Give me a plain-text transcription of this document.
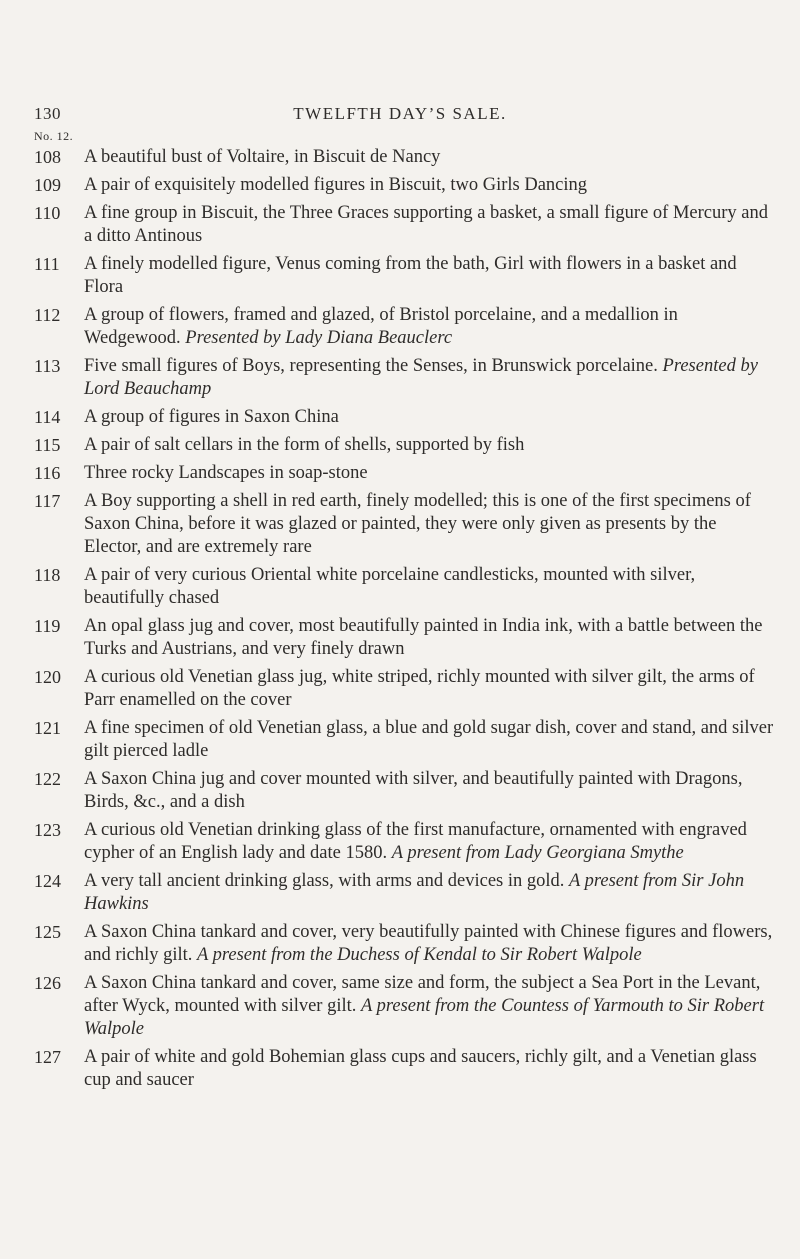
130	TWELFTH DAY’S SALE.
No. 12.
108	A beautiful bust of Voltaire, in Biscuit de Nancy
109	A pair of exquisitely modelled figures in Biscuit, two Girls Dancing
110	A fine group in Biscuit, the Three Graces supporting a basket, a small figure of Mercury and a ditto Antinous
111	A finely modelled figure, Venus coming from the bath, Girl with flowers in a basket and Flora
112	A group of flowers, framed and glazed, of Bristol porcelaine, and a medallion in Wedgewood. Presented by Lady Diana Beauclerc
113	Five small figures of Boys, representing the Senses, in Brunswick porcelaine. Presented by Lord Beauchamp
114	A group of figures in Saxon China
115	A pair of salt cellars in the form of shells, supported by fish
116	Three rocky Landscapes in soap-stone
117	A Boy supporting a shell in red earth, finely modelled; this is one of the first specimens of Saxon China, before it was glazed or painted, they were only given as presents by the Elector, and are extremely rare
118	A pair of very curious Oriental white porcelaine candlesticks, mounted with silver, beautifully chased
119	An opal glass jug and cover, most beautifully painted in India ink, with a battle between the Turks and Austrians, and very finely drawn
120	A curious old Venetian glass jug, white striped, richly mounted with silver gilt, the arms of Parr enamelled on the cover
121	A fine specimen of old Venetian glass, a blue and gold sugar dish, cover and stand, and silver gilt pierced ladle
122	A Saxon China jug and cover mounted with silver, and beautifully painted with Dragons, Birds, &c., and a dish
123	A curious old Venetian drinking glass of the first manufacture, ornamented with engraved cypher of an English lady and date 1580. A present from Lady Georgiana Smythe
124	A very tall ancient drinking glass, with arms and devices in gold. A present from Sir John Hawkins
125	A Saxon China tankard and cover, very beautifully painted with Chinese figures and flowers, and richly gilt. A present from the Duchess of Kendal to Sir Robert Walpole
126	A Saxon China tankard and cover, same size and form, the subject a Sea Port in the Levant, after Wyck, mounted with silver gilt. A present from the Countess of Yarmouth to Sir Robert Walpole
127	A pair of white and gold Bohemian glass cups and saucers, richly gilt, and a Venetian glass cup and saucer
